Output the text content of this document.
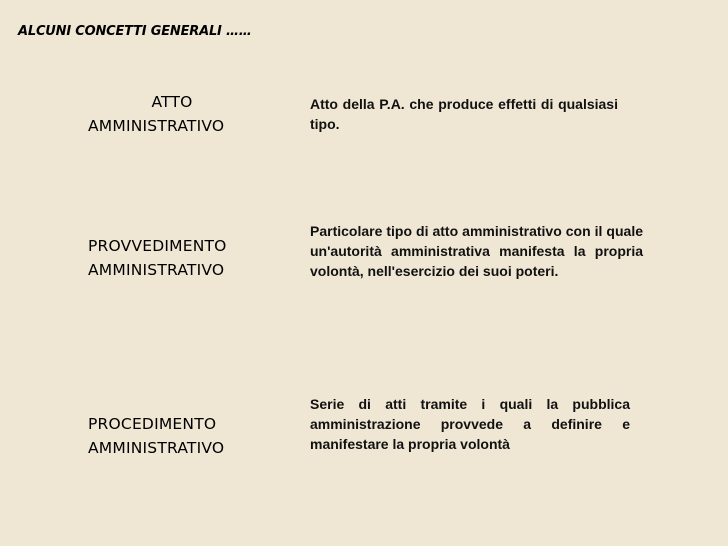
ALCUNI CONCETTI GENERALI ……
ATTO
AMMINISTRATIVO
Atto della P.A. che produce effetti di qualsiasi tipo.
PROVVEDIMENTO
AMMINISTRATIVO
Particolare tipo di atto amministrativo con il quale un'autorità amministrativa manifesta la propria volontà, nell'esercizio dei suoi poteri.
PROCEDIMENTO
AMMINISTRATIVO
Serie di atti tramite i quali la pubblica amministrazione provvede a definire e manifestare la propria volontà
